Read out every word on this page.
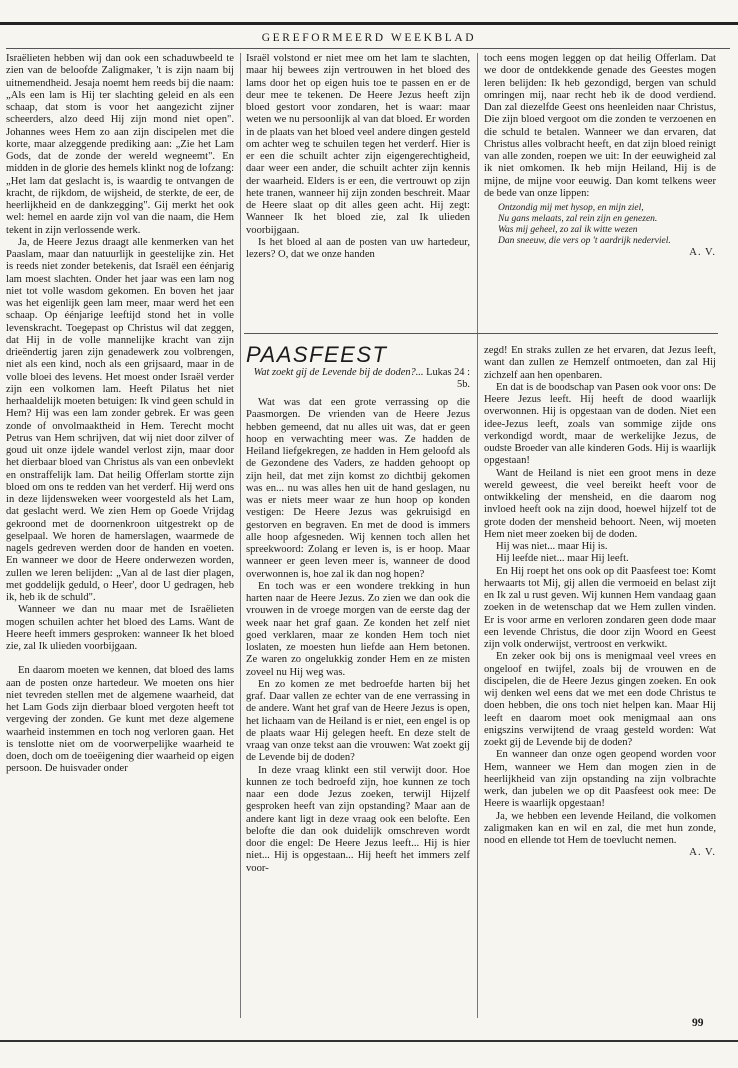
GEREFORMEERD WEEKBLAD

Israëlieten hebben wij dan ook een schaduwbeeld te zien van de beloofde Zaligmaker, 't is zijn naam bij uitnemendheid. Jesaja noemt hem reeds bij die naam: „Als een lam is Hij ter slachting geleid en als een schaap, dat stom is voor het aangezicht zijner scheerders, alzo deed Hij zijn mond niet open". Johannes wees Hem zo aan zijn discipelen met die korte, maar alzeggende prediking aan: „Zie het Lam Gods, dat de zonde der wereld wegneemt". En midden in de glorie des hemels klinkt nog de lofzang: „Het lam dat geslacht is, is waardig te ontvangen de kracht, de rijkdom, de wijsheid, de sterkte, de eer, de heerlijkheid en de dankzegging". Gij merkt het ook wel: hemel en aarde zijn vol van die naam, die Hem tekent in zijn verlossende werk.

Ja, de Heere Jezus draagt alle kenmerken van het Paaslam, maar dan natuurlijk in geestelijke zin. Het is reeds niet zonder betekenis, dat Israël een éénjarig lam moest slachten. Onder het jaar was een lam nog niet tot volle wasdom gekomen. En boven het jaar was het eigenlijk geen lam meer, maar werd het een schaap. Op éénjarige leeftijd stond het in volle levenskracht. Toegepast op Christus wil dat zeggen, dat Hij in de volle mannelijke kracht van zijn drieëndertig jaren zijn genadewerk zou volbrengen, niet als een kind, noch als een grijsaard, maar in de volle bloei des levens. Het moest onder Israël verder zijn een volkomen lam. Heeft Pilatus het niet herhaaldelijk moeten betuigen: Ik vind geen schuld in Hem? Hij was een lam zonder gebrek. Er was geen zonde of onvolmaaktheid in Hem. Terecht mocht Petrus van Hem schrijven, dat wij niet door zilver of goud uit onze ijdele wandel verlost zijn, maar door het dierbaar bloed van Christus als van een onbevlekt en onstraffelijk lam. Dat heilig Offerlam stortte zijn bloed om ons te redden van het verderf. Hij werd ons in deze lijdensweken weer voorgesteld als het Lam, dat geslacht werd. We zien Hem op Goede Vrijdag gekroond met de doornenkroon uitgestrekt op de geselpaal. We horen de hamerslagen, waarmede de nagels gedreven werden door de handen en voeten. En wanneer we door de Heere onderwezen worden, zullen we leren belijden: „Van al de last dier plagen, met goddelijk geduld, o Heer', door U gedragen, heb ik, heb ik de schuld".

Wanneer we dan nu maar met de Israëlieten mogen schuilen achter het bloed des Lams. Want de Heere heeft immers gesproken: wanneer Ik het bloed zie, zal Ik ulieden voorbijgaan.

En daarom moeten we kennen, dat bloed des lams aan de posten onze hartedeur. We moeten ons hier niet tevreden stellen met de algemene waarheid, dat het Lam Gods zijn dierbaar bloed vergoten heeft tot vergeving der zonden. Ge kunt met deze algemene waarheid instemmen en toch nog verloren gaan. Het is tenslotte niet om de voorwerpelijke waarheid te doen, doch om de toeëigening dier waarheid op eigen persoon. De huisvader onder

Israël volstond er niet mee om het lam te slachten, maar hij bewees zijn vertrouwen in het bloed des lams door het op eigen huis toe te passen en er de deur mee te tekenen. De Heere Jezus heeft zijn bloed gestort voor zondaren, het is waar: maar weten we nu persoonlijk al van dat bloed. Er worden in de plaats van het bloed veel andere dingen gesteld om achter weg te schuilen tegen het verderf. Hier is er een die schuilt achter zijn eigengerechtigheid, daar weer een ander, die schuilt achter zijn kennis der waarheid. Elders is er een, die vertrouwt op zijn hete tranen, wanneer hij zijn zonden beschreit. Maar de Heere slaat op dit alles geen acht. Hij zegt: Wanneer Ik het bloed zie, zal Ik ulieden voorbijgaan.

Is het bloed al aan de posten van uw hartedeur, lezers? O, dat we onze handen

toch eens mogen leggen op dat heilig Offerlam. Dat we door de ontdekkende genade des Geestes mogen leren belijden: Ik heb gezondigd, bergen van schuld omringen mij, naar recht heb ik de dood verdiend. Dan zal diezelfde Geest ons heenleiden naar Christus, Die zijn bloed vergoot om die zonden te verzoenen en die schuld te betalen. Wanneer we dan ervaren, dat Christus alles volbracht heeft, en dat zijn bloed reinigt van alle zonden, roepen we uit: In der eeuwigheid zal ik niet omkomen. Ik heb mijn Heiland, Hij is de mijne, de mijne voor eeuwig. Dan komt telkens weer de bede van onze lippen:

Ontzondig mij met hysop, en mijn ziel,
Nu gans melaats, zal rein zijn en genezen.
Was mij geheel, zo zal ik witte wezen
Dan sneeuw, die vers op 't aardrijk nederviel.

A. V.

PAASFEEST
Wat zoekt gij de Levende bij de doden?... Lukas 24 : 5b.

Wat was dat een grote verrassing op die Paasmorgen. De vrienden van de Heere Jezus hebben gemeend, dat nu alles uit was, dat er geen hoop en verwachting meer was. Ze hadden de Heiland liefgekregen, ze hadden in Hem geloofd als de Gezondene des Vaders, ze hadden gehoopt op zijn heil, dat met zijn komst zo dichtbij gekomen was en... nu was alles hen uit de hand geslagen, nu was er niets meer waar ze hun hoop op konden vestigen: De Heere Jezus was gekruisigd en gestorven en begraven. En met de dood is immers alle hoop afgesneden. Wij kennen toch allen het spreekwoord: Zolang er leven is, is er hoop. Maar wanneer er geen leven meer is, wanneer de dood overwonnen is, hoe zal ik dan nog hopen?

En toch was er een wondere trekking in hun harten naar de Heere Jezus. Zo zien we dan ook die vrouwen in de vroege morgen van de eerste dag der week naar het graf gaan. Ze konden het zelf niet goed verklaren, maar ze konden Hem toch niet loslaten, ze moesten hun liefde aan Hem betonen. Ze waren zo ongelukkig zonder Hem en ze misten zoveel nu Hij weg was.

En zo komen ze met bedroefde harten bij het graf. Daar vallen ze echter van de ene verrassing in de andere. Want het graf van de Heere Jezus is open, het lichaam van de Heiland is er niet, een engel is op de plaats waar Hij gelegen heeft. En deze stelt de vraag van onze tekst aan die vrouwen: Wat zoekt gij de Levende bij de doden?

In deze vraag klinkt een stil verwijt door. Hoe kunnen ze toch bedroefd zijn, hoe kunnen ze toch naar een dode Jezus zoeken, terwijl Hijzelf gesproken heeft van zijn opstanding? Maar aan de andere kant ligt in deze vraag ook een belofte. Een belofte die dan ook duidelijk omschreven wordt door die engel: De Heere Jezus leeft... Hij is hier niet... Hij is opgestaan... Hij heeft het immers zelf voor-

zegd! En straks zullen ze het ervaren, dat Jezus leeft, want dan zullen ze Hemzelf ontmoeten, dan zal Hij zichzelf aan hen openbaren.

En dat is de boodschap van Pasen ook voor ons: De Heere Jezus leeft. Hij heeft de dood waarlijk overwonnen. Hij is opgestaan van de doden. Niet een idee-Jezus leeft, zoals van sommige zijde ons verkondigd wordt, maar de werkelijke Jezus, de oudste Broeder van alle kinderen Gods. Hij is waarlijk opgestaan!

Want de Heiland is niet een groot mens in deze wereld geweest, die veel bereikt heeft voor de ontwikkeling der mensheid, en die daarom nog invloed heeft ook na zijn dood, hoewel hijzelf tot de grote doden der mensheid behoort. Neen, wij moeten Hem niet meer zoeken bij de doden.

Hij was niet... maar Hij is.

Hij leefde niet... maar Hij leeft.

En Hij roept het ons ook op dit Paasfeest toe: Komt herwaarts tot Mij, gij allen die vermoeid en belast zijt en Ik zal u rust geven. Wij kunnen Hem vandaag gaan zoeken in de wetenschap dat we Hem zullen vinden. Er is voor arme en verloren zondaren geen dode maar een levende Christus, die door zijn Woord en Geest zijn volk onderwijst, vertroost en verkwikt.

En zeker ook bij ons is menigmaal veel vrees en ongeloof en twijfel, zoals bij de vrouwen en de discipelen, die de Heere Jezus gingen zoeken. En ook wij denken wel eens dat we met een dode Christus te doen hebben, die ons toch niet helpen kan. Maar Hij leeft en daarom moet ook menigmaal aan ons enigszins verwijtend de vraag gesteld worden: Wat zoekt gij de Levende bij de doden?

En wanneer dan onze ogen geopend worden voor Hem, wanneer we Hem dan mogen zien in de heerlijkheid van zijn opstanding na zijn volbrachte werk, dan jubelen we op dit Paasfeest ook mee: De Heere is waarlijk opgestaan!

Ja, we hebben een levende Heiland, die volkomen zaligmaken kan en wil en zal, die met hun zonde, nood en ellende tot Hem de toevlucht nemen.

A. V.

99
